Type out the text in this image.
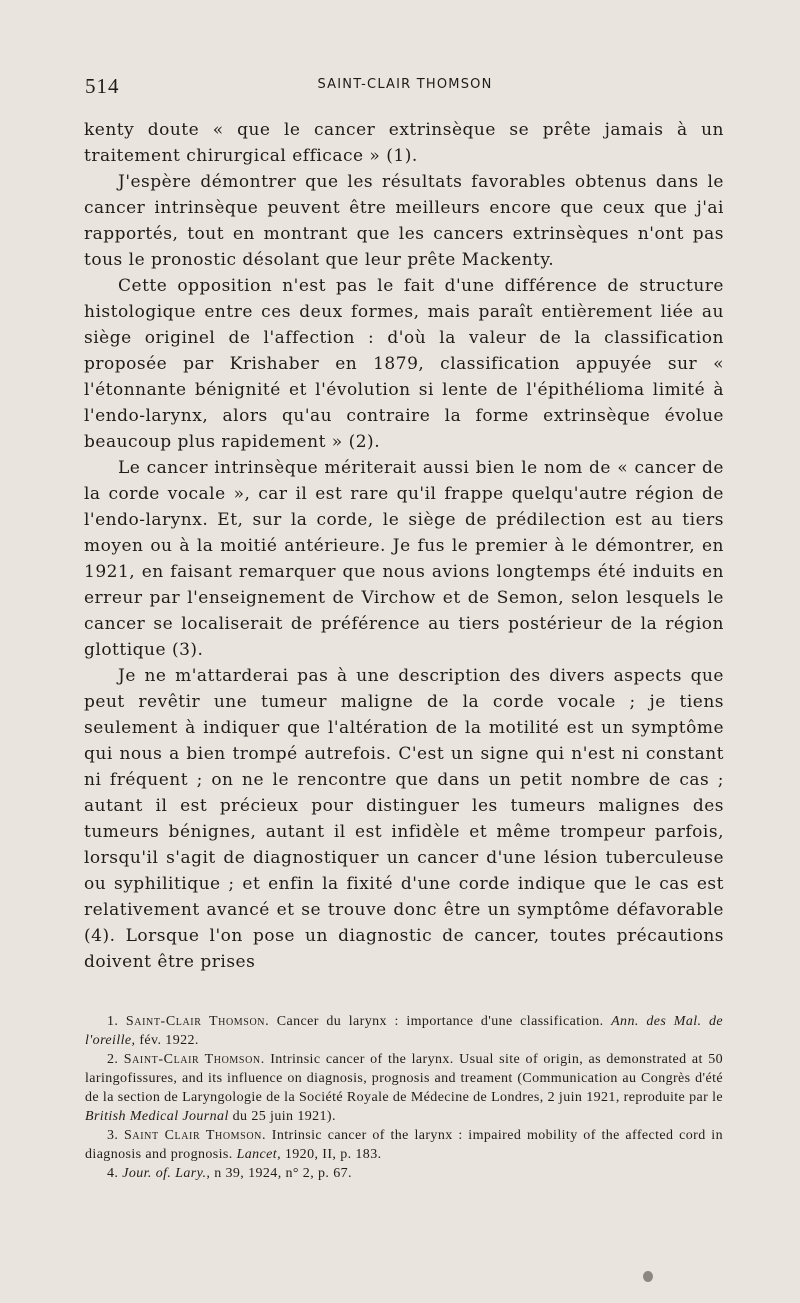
514	SAINT-CLAIR THOMSON

kenty doute « que le cancer extrinsèque se prête jamais à un traitement chirurgical efficace » (1).

J'espère démontrer que les résultats favorables obtenus dans le cancer intrinsèque peuvent être meilleurs encore que ceux que j'ai rapportés, tout en montrant que les cancers extrinsèques n'ont pas tous le pronostic désolant que leur prête Mackenty.

Cette opposition n'est pas le fait d'une différence de structure histologique entre ces deux formes, mais paraît entièrement liée au siège originel de l'affection : d'où la valeur de la classification proposée par Krishaber en 1879, classification appuyée sur « l'étonnante bénignité et l'évolution si lente de l'épithélioma limité à l'endo-larynx, alors qu'au contraire la forme extrinsèque évolue beaucoup plus rapidement » (2).

Le cancer intrinsèque mériterait aussi bien le nom de « cancer de la corde vocale », car il est rare qu'il frappe quelqu'autre région de l'endo-larynx. Et, sur la corde, le siège de prédilection est au tiers moyen ou à la moitié antérieure. Je fus le premier à le démontrer, en 1921, en faisant remarquer que nous avions longtemps été induits en erreur par l'enseignement de Virchow et de Semon, selon lesquels le cancer se localiserait de préférence au tiers postérieur de la région glottique (3).

Je ne m'attarderai pas à une description des divers aspects que peut revêtir une tumeur maligne de la corde vocale ; je tiens seulement à indiquer que l'altération de la motilité est un symptôme qui nous a bien trompé autrefois. C'est un signe qui n'est ni constant ni fréquent ; on ne le rencontre que dans un petit nombre de cas ; autant il est précieux pour distinguer les tumeurs malignes des tumeurs bénignes, autant il est infidèle et même trompeur parfois, lorsqu'il s'agit de diagnostiquer un cancer d'une lésion tuberculeuse ou syphilitique ; et enfin la fixité d'une corde indique que le cas est relativement avancé et se trouve donc être un symptôme défavorable (4). Lorsque l'on pose un diagnostic de cancer, toutes précautions doivent être prises

1. Saint-Clair Thomson. Cancer du larynx : importance d'une classification. Ann. des Mal. de l'oreille, fév. 1922.

2. Saint-Clair Thomson. Intrinsic cancer of the larynx. Usual site of origin, as demonstrated at 50 laringofissures, and its influence on diagnosis, prognosis and treament (Communication au Congrès d'été de la section de Laryngologie de la Société Royale de Médecine de Londres, 2 juin 1921, reproduite par le British Medical Journal du 25 juin 1921).

3. Saint Clair Thomson. Intrinsic cancer of the larynx : impaired mobility of the affected cord in diagnosis and prognosis. Lancet, 1920, II, p. 183.

4. Jour. of. Lary., n 39, 1924, n° 2, p. 67.
